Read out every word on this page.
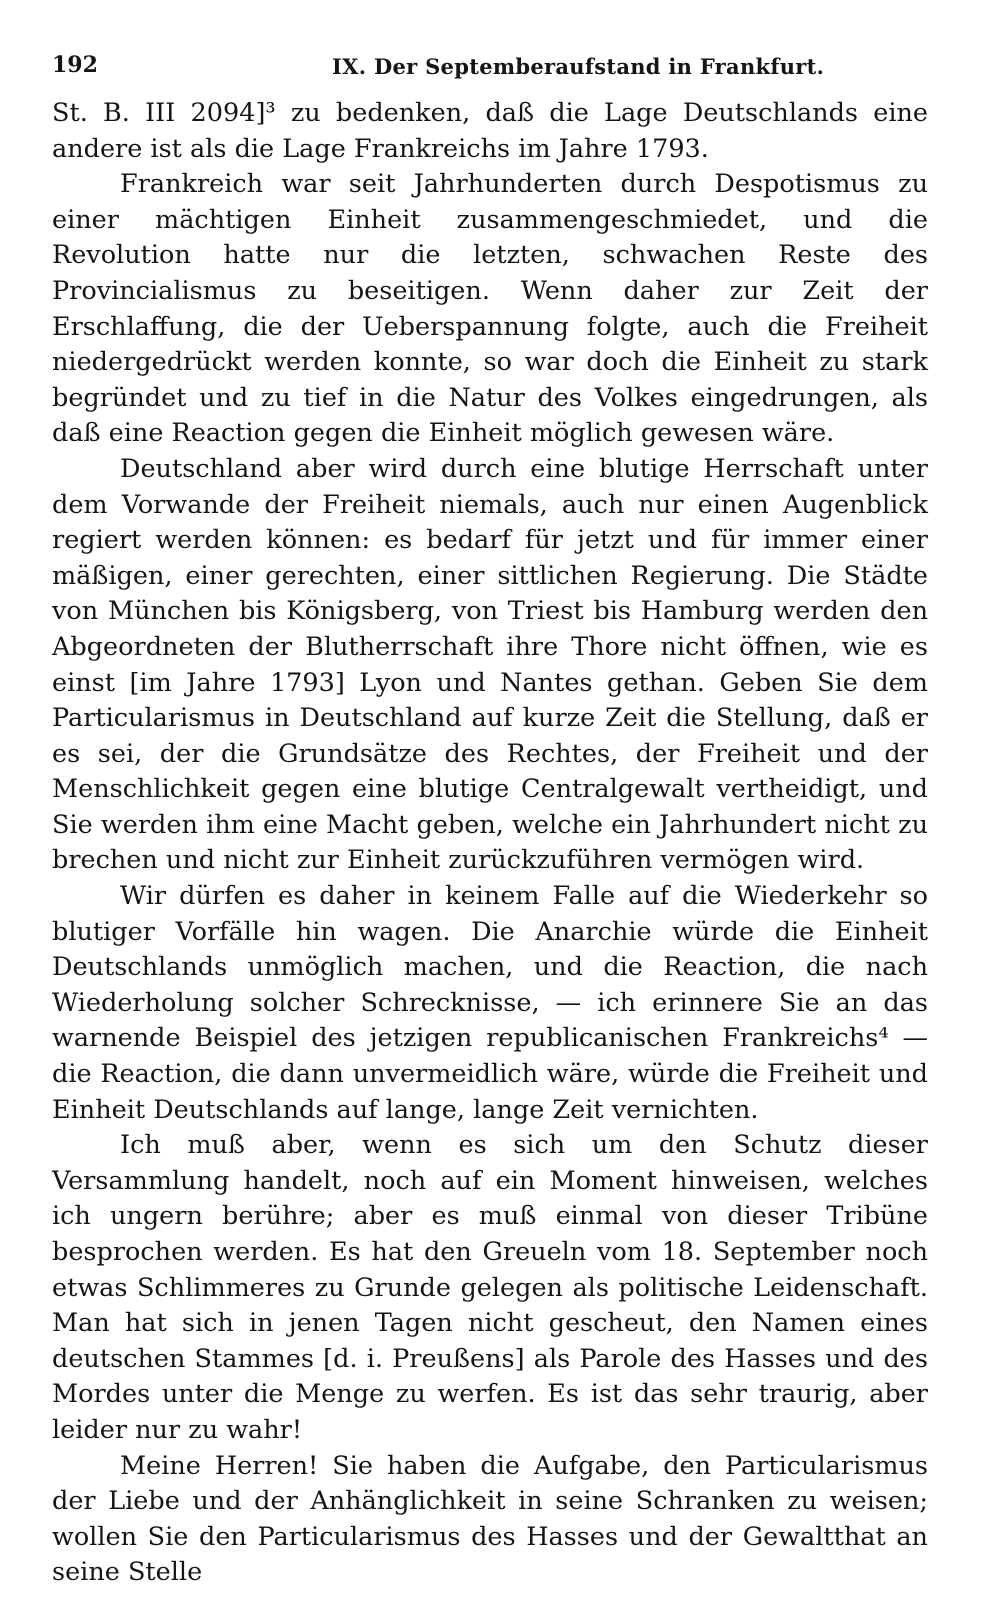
192	IX. Der Septemberaufstand in Frankfurt.

St. B. III 2094]³ zu bedenken, daß die Lage Deutschlands eine andere ist als die Lage Frankreichs im Jahre 1793.

Frankreich war seit Jahrhunderten durch Despotismus zu einer mächtigen Einheit zusammengeschmiedet, und die Revolution hatte nur die letzten, schwachen Reste des Provincialismus zu beseitigen. Wenn daher zur Zeit der Erschlaffung, die der Ueberspannung folgte, auch die Freiheit niedergedrückt werden konnte, so war doch die Einheit zu stark begründet und zu tief in die Natur des Volkes eingedrungen, als daß eine Reaction gegen die Einheit möglich gewesen wäre.

Deutschland aber wird durch eine blutige Herrschaft unter dem Vorwande der Freiheit niemals, auch nur einen Augenblick regiert werden können: es bedarf für jetzt und für immer einer mäßigen, einer gerechten, einer sittlichen Regierung. Die Städte von München bis Königsberg, von Triest bis Hamburg werden den Abgeordneten der Blutherrschaft ihre Thore nicht öffnen, wie es einst [im Jahre 1793] Lyon und Nantes gethan. Geben Sie dem Particularismus in Deutschland auf kurze Zeit die Stellung, daß er es sei, der die Grundsätze des Rechtes, der Freiheit und der Menschlichkeit gegen eine blutige Centralgewalt vertheidigt, und Sie werden ihm eine Macht geben, welche ein Jahrhundert nicht zu brechen und nicht zur Einheit zurückzuführen vermögen wird.

Wir dürfen es daher in keinem Falle auf die Wiederkehr so blutiger Vorfälle hin wagen. Die Anarchie würde die Einheit Deutschlands unmöglich machen, und die Reaction, die nach Wiederholung solcher Schrecknisse, — ich erinnere Sie an das warnende Beispiel des jetzigen republicanischen Frankreichs⁴ — die Reaction, die dann unvermeidlich wäre, würde die Freiheit und Einheit Deutschlands auf lange, lange Zeit vernichten.

Ich muß aber, wenn es sich um den Schutz dieser Versammlung handelt, noch auf ein Moment hinweisen, welches ich ungern berühre; aber es muß einmal von dieser Tribüne besprochen werden. Es hat den Greueln vom 18. September noch etwas Schlimmeres zu Grunde gelegen als politische Leidenschaft. Man hat sich in jenen Tagen nicht gescheut, den Namen eines deutschen Stammes [d. i. Preußens] als Parole des Hasses und des Mordes unter die Menge zu werfen. Es ist das sehr traurig, aber leider nur zu wahr!

Meine Herren! Sie haben die Aufgabe, den Particularismus der Liebe und der Anhänglichkeit in seine Schranken zu weisen; wollen Sie den Particularismus des Hasses und der Gewaltthat an seine Stelle
